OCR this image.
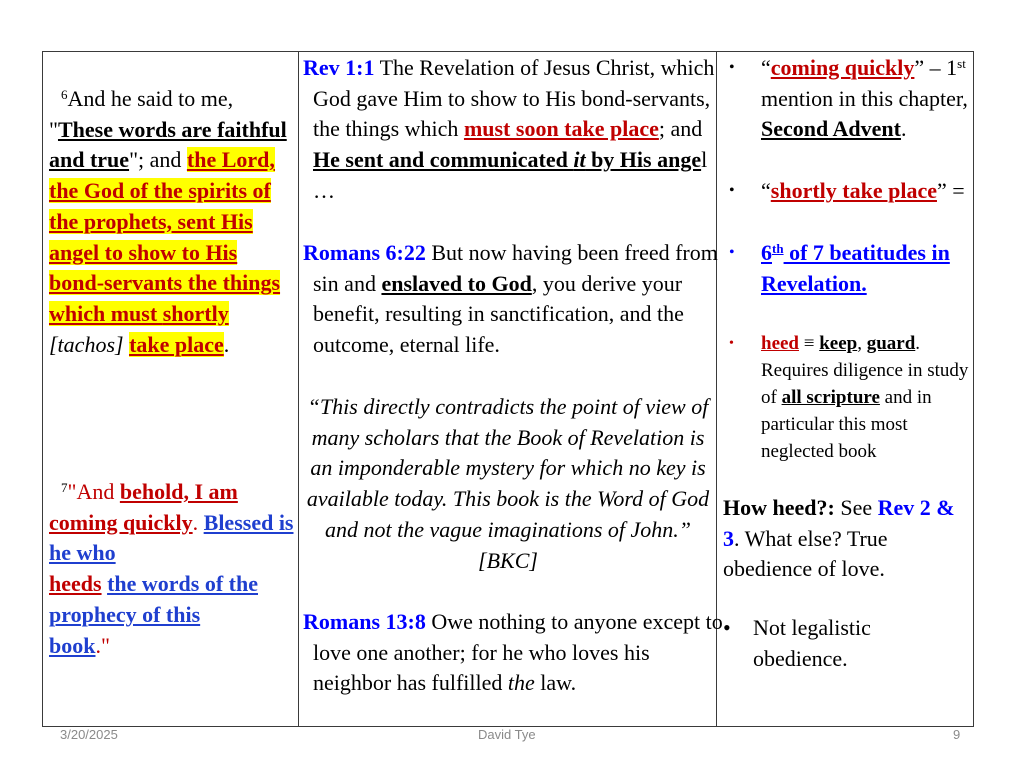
$^6$And he said to me,
"These words are faithful and true"; and the Lord, the God of the spirits of the prophets, sent His angel to show to His bond-servants the things which must shortly [tachos] take place.
$^7$"And behold, I am coming quickly. Blessed is he who
heeds the words of the prophecy of this
book."
Rev 1:1 The Revelation of Jesus Christ, which God gave Him to show to His bond-servants, the things which must soon take place; and He sent and communicated it by His angel …
Romans 6:22 But now having been freed from sin and enslaved to God, you derive your benefit, resulting in sanctification, and the outcome, eternal life.
“This directly contradicts the point of view of many scholars that the Book of Revelation is an imponderable mystery for which no key is available today. This book is the Word of God and not the vague imaginations of John.”
[BKC]
Romans 13:8 Owe nothing to anyone except to love one another; for he who loves his neighbor has fulfilled the law.
• “coming quickly” – 1st mention in this chapter, Second Advent.
• “shortly take place” =
• 6th of 7 beatitudes in Revelation.
• heed ≡ keep, guard. Requires diligence in study of all scripture and in particular this most neglected book
How heed?: See Rev 2 & 3. What else? True obedience of love.
• Not legalistic obedience.
3/20/2025	David Tye	9
